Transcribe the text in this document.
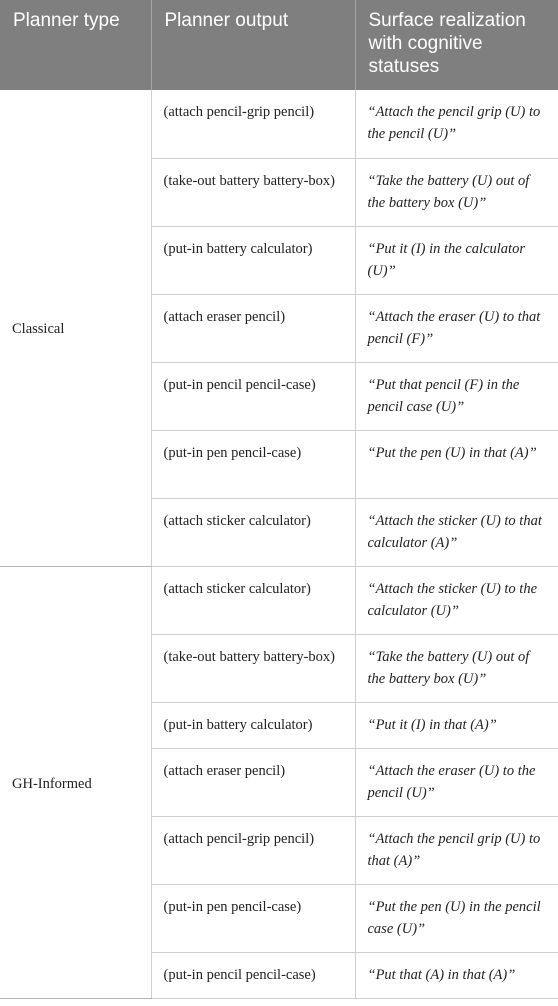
Planner type	Planner output	Surface realization with cognitive statuses
Classical	(attach pencil-grip pencil)	“Attach the pencil grip (U) to the pencil (U)”
	(take-out battery battery-box)	“Take the battery (U) out of the battery box (U)”
	(put-in battery calculator)	“Put it (I) in the calculator (U)”
	(attach eraser pencil)	“Attach the eraser (U) to that pencil (F)”
	(put-in pencil pencil-case)	“Put that pencil (F) in the pencil case (U)”
	(put-in pen pencil-case)	“Put the pen (U) in that (A)”
	(attach sticker calculator)	“Attach the sticker (U) to that calculator (A)”
GH-Informed	(attach sticker calculator)	“Attach the sticker (U) to the calculator (U)”
	(take-out battery battery-box)	“Take the battery (U) out of the battery box (U)”
	(put-in battery calculator)	“Put it (I) in that (A)”
	(attach eraser pencil)	“Attach the eraser (U) to the pencil (U)”
	(attach pencil-grip pencil)	“Attach the pencil grip (U) to that (A)”
	(put-in pen pencil-case)	“Put the pen (U) in the pencil case (U)”
	(put-in pencil pencil-case)	“Put that (A) in that (A)”
